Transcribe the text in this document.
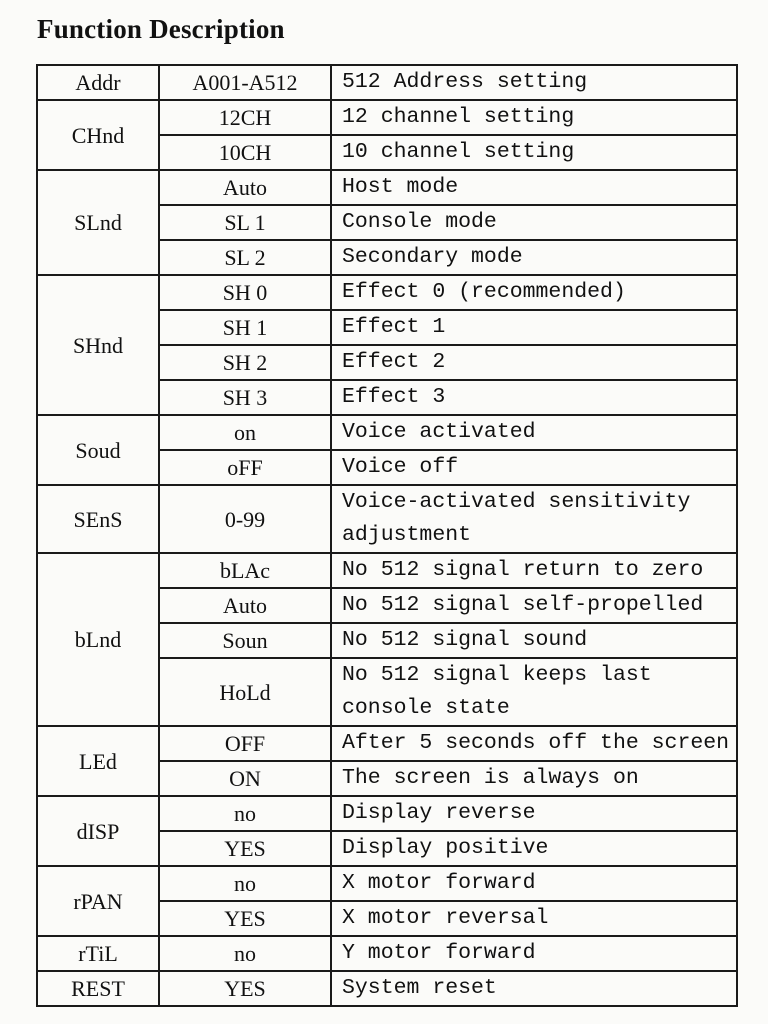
Function Description
Addr	A001-A512	512 Address setting
CHnd	12CH	12 channel setting
	10CH	10 channel setting
SLnd	Auto	Host mode
	SL 1	Console mode
	SL 2	Secondary mode
SHnd	SH 0	Effect 0 (recommended)
	SH 1	Effect 1
	SH 2	Effect 2
	SH 3	Effect 3
Soud	on	Voice activated
	oFF	Voice off
SEnS	0-99	Voice-activated sensitivity adjustment
bLnd	bLAc	No 512 signal return to zero
	Auto	No 512 signal self-propelled
	Soun	No 512 signal sound
	HoLd	No 512 signal keeps last console state
LEd	OFF	After 5 seconds off the screen
	ON	The screen is always on
dISP	no	Display reverse
	YES	Display positive
rPAN	no	X motor forward
	YES	X motor reversal
rTiL	no	Y motor forward
REST	YES	System reset
